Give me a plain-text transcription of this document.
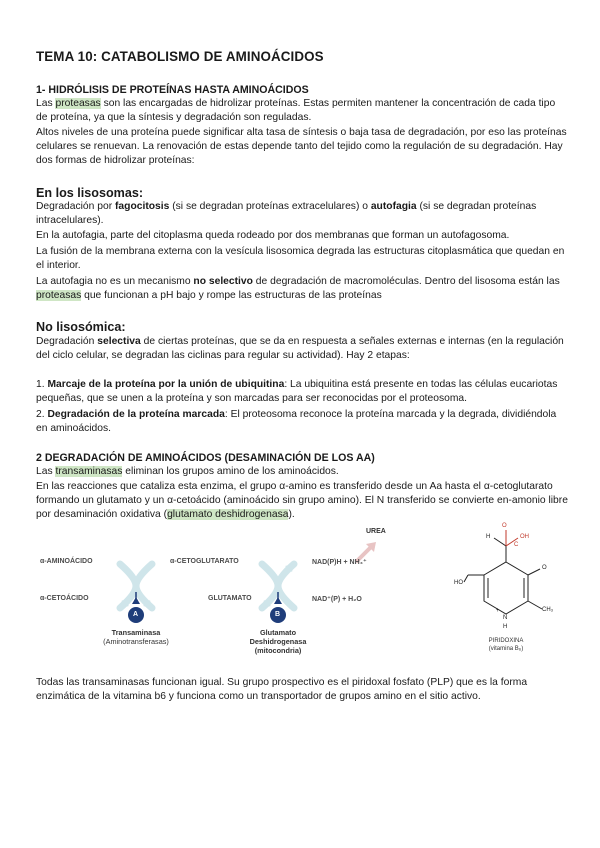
TEMA 10: CATABOLISMO DE AMINOÁCIDOS
1- HIDRÓLISIS DE PROTEÍNAS HASTA AMINOÁCIDOS
Las proteasas son las encargadas de hidrolizar proteínas. Estas permiten mantener la concentración de cada tipo de proteína, ya que la síntesis y degradación son reguladas.
Altos niveles de una proteína puede significar alta tasa de síntesis o baja tasa de degradación, por eso las proteínas celulares se renuevan. La renovación de estas depende tanto del tejido como la regulación de su degradación. Hay dos formas de hidrolizar proteínas:
En los lisosomas:
Degradación por fagocitosis (si se degradan proteínas extracelulares) o autofagia (si se degradan proteínas intracelulares).
En la autofagia, parte del citoplasma queda rodeado por dos membranas que forman un autofagosoma.
La fusión de la membrana externa con la vesícula lisosomica degrada las estructuras citoplasmática que quedan en el interior.
La autofagia no es un mecanismo no selectivo de degradación de macromoléculas. Dentro del lisosoma están las proteasas que funcionan a pH bajo y rompe las estructuras de las proteínas
No lisosómica:
Degradación selectiva de ciertas proteínas, que se da en respuesta a señales externas e internas (en la regulación del ciclo celular, se degradan las ciclinas para regular su actividad). Hay 2 etapas:
1. Marcaje de la proteína por la unión de ubiquitina: La ubiquitina está presente en todas las células eucariotas pequeñas, que se unen a la proteína y son marcadas para ser reconocidas por el proteosoma.
2. Degradación de la proteína marcada: El proteosoma reconoce la proteína marcada y la degrada, dividiéndola en aminoácidos.
2 DEGRADACIÓN DE AMINOÁCIDOS (DESAMINACIÓN DE LOS AA)
Las transaminasas eliminan los grupos amino de los aminoácidos.
En las reacciones que cataliza esta enzima, el grupo α-amino es transferido desde un Aa hasta el α-cetoglutarato formando un glutamato y un α-cetoácido (aminoácido sin grupo amino). El N transferido se convierte en-amonio libre por desaminación oxidativa (glutamato deshidrogenasa).
α-AMINOÁCIDO
α-CETOÁCIDO
α-CETOGLUTARATO
GLUTAMATO
NAD(P)H + NH₄⁺
NAD⁺(P) + H₂O
UREA
A	B
Transaminasa
(Aminotransferasas)
Glutamato
Deshidrogenasa
(mitocondria)
H
O
C
OH
HO
O
CH₃
N
H
+
PIRIDOXINA
(vitamina B₆)
Todas las transaminasas funcionan igual. Su grupo prospectivo es el piridoxal fosfato (PLP) que es la forma enzimática de la vitamina b6 y funciona como un transportador de grupos amino en el sitio activo.
